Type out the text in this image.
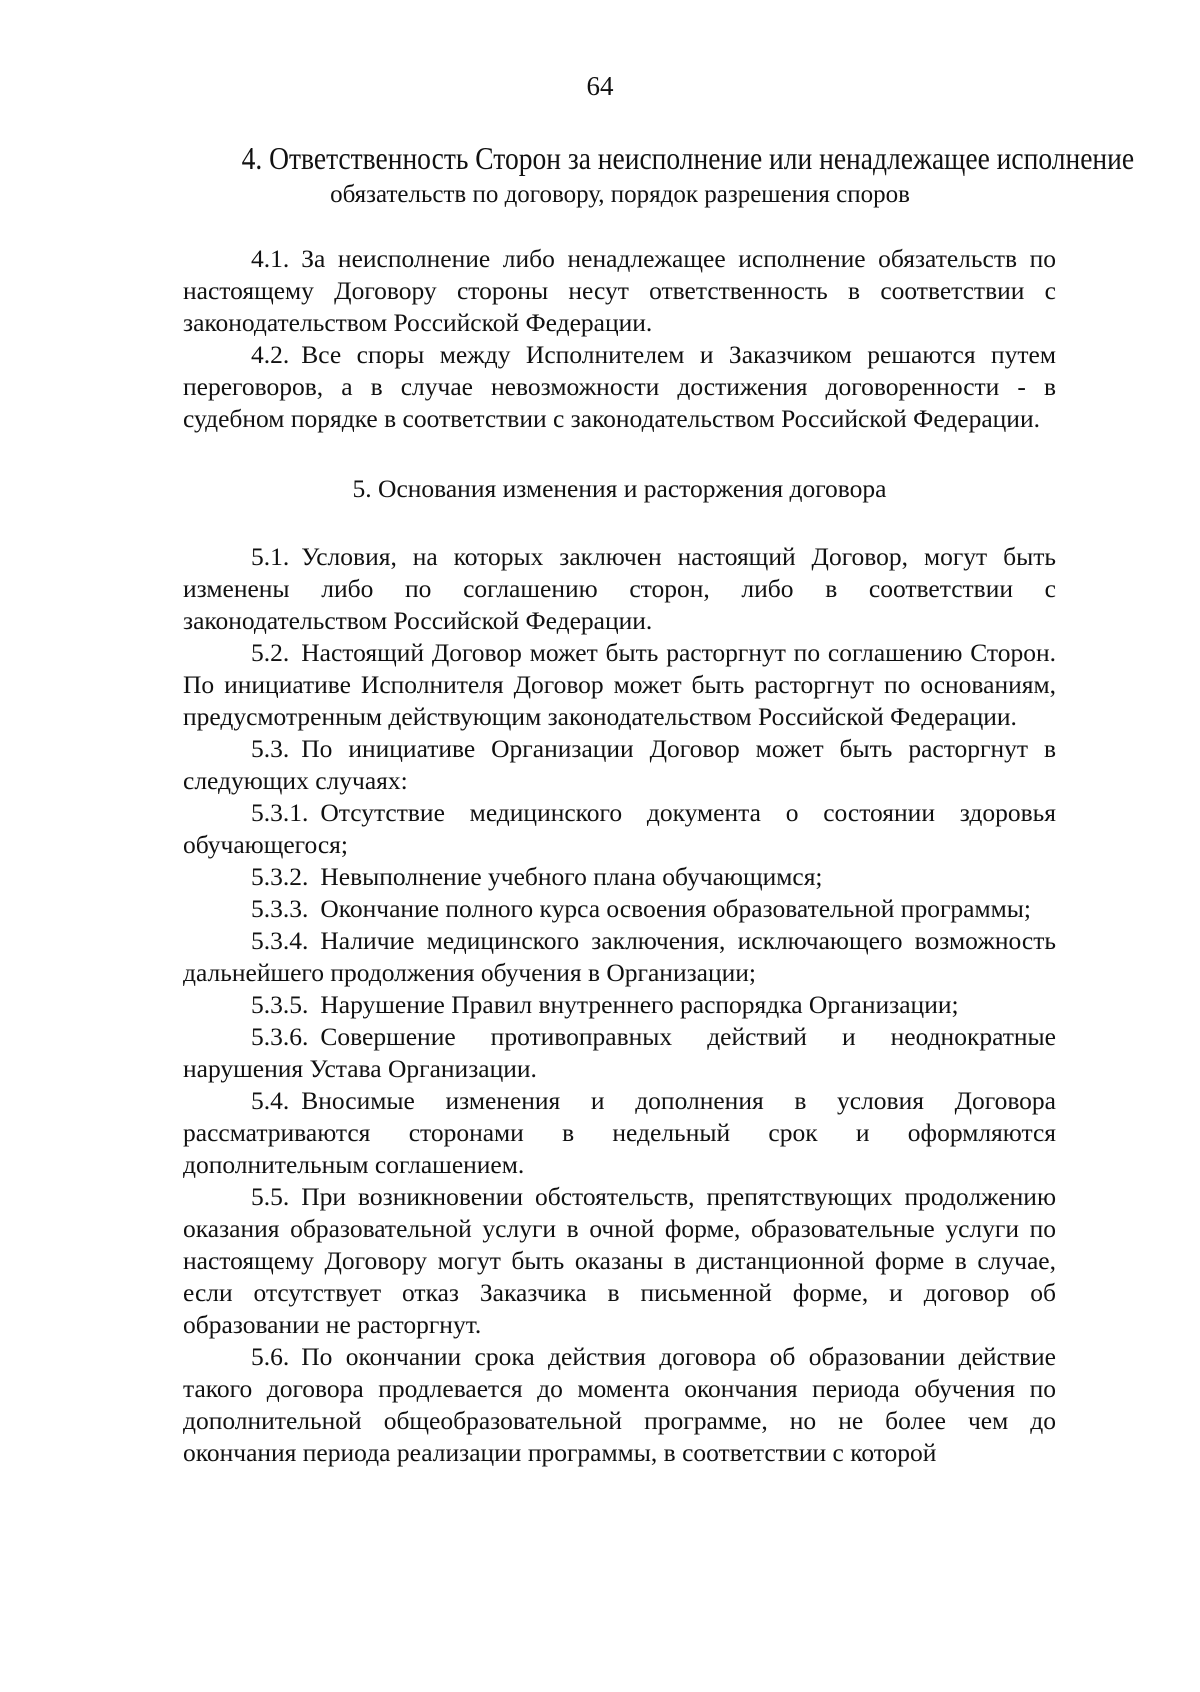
64
4. Ответственность Сторон за неисполнение или ненадлежащее исполнение
обязательств по договору, порядок разрешения споров

4.1. За неисполнение либо ненадлежащее исполнение обязательств по настоящему Договору стороны несут ответственность в соответствии с законодательством Российской Федерации.

4.2. Все споры между Исполнителем и Заказчиком решаются путем переговоров, а в случае невозможности достижения договоренности - в судебном порядке в соответствии с законодательством Российской Федерации.

5. Основания изменения и расторжения договора

5.1. Условия, на которых заключен настоящий Договор, могут быть изменены либо по соглашению сторон, либо в соответствии с законодательством Российской Федерации.

5.2. Настоящий Договор может быть расторгнут по соглашению Сторон. По инициативе Исполнителя Договор может быть расторгнут по основаниям, предусмотренным действующим законодательством Российской Федерации.

5.3. По инициативе Организации Договор может быть расторгнут в следующих случаях:

5.3.1. Отсутствие медицинского документа о состоянии здоровья обучающегося;

5.3.2. Невыполнение учебного плана обучающимся;

5.3.3. Окончание полного курса освоения образовательной программы;

5.3.4. Наличие медицинского заключения, исключающего возможность дальнейшего продолжения обучения в Организации;

5.3.5. Нарушение Правил внутреннего распорядка Организации;

5.3.6. Совершение противоправных действий и неоднократные нарушения Устава Организации.

5.4. Вносимые изменения и дополнения в условия Договора рассматриваются сторонами в недельный срок и оформляются дополнительным соглашением.

5.5. При возникновении обстоятельств, препятствующих продолжению оказания образовательной услуги в очной форме, образовательные услуги по настоящему Договору могут быть оказаны в дистанционной форме в случае, если отсутствует отказ Заказчика в письменной форме, и договор об образовании не расторгнут.

5.6. По окончании срока действия договора об образовании действие такого договора продлевается до момента окончания периода обучения по дополнительной общеобразовательной программе, но не более чем до окончания периода реализации программы, в соответствии с которой
